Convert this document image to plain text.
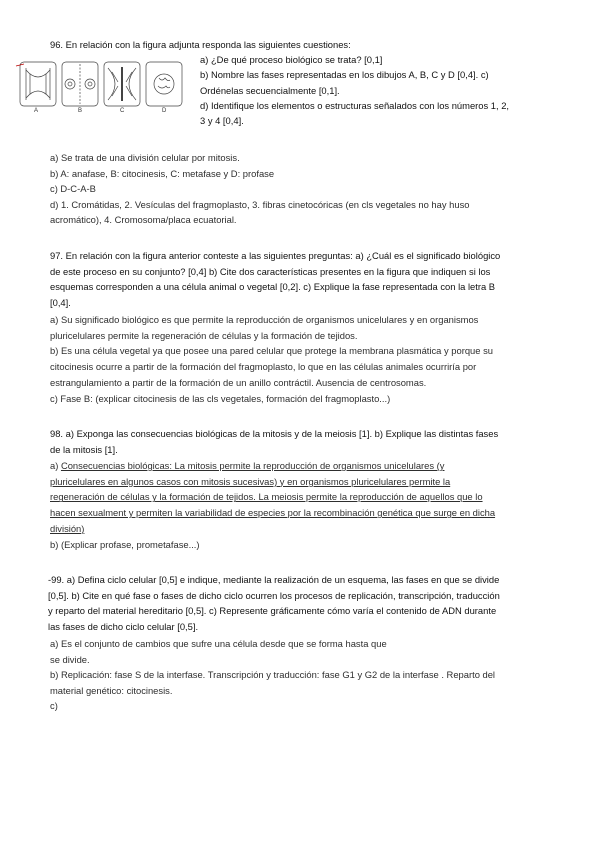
96. En relación con la figura adjunta responda las siguientes cuestiones:
A	B	C	D
a) ¿De qué proceso biológico se trata? [0,1]
b) Nombre las fases representadas en los dibujos A, B, C y D [0,4]. c)
Ordénelas secuencialmente [0,1].
d) Identifique los elementos o estructuras señalados con los números 1, 2,
3 y 4 [0,4].
a) Se trata de una división celular por mitosis.
b) A: anafase, B: citocinesis, C: metafase y D: profase
c) D-C-A-B
d) 1. Cromátidas, 2. Vesículas del fragmoplasto, 3. fibras cinetocóricas (en cls vegetales no hay huso
acromático), 4. Cromosoma/placa ecuatorial.
97. En relación con la figura anterior conteste a las siguientes preguntas: a) ¿Cuál es el significado biológico
de este proceso en su conjunto? [0,4] b) Cite dos características presentes en la figura que indiquen si los
esquemas corresponden a una célula animal o vegetal [0,2]. c) Explique la fase representada con la letra B
[0,4].
a) Su significado biológico es que permite la reproducción de organismos unicelulares y en organismos
pluricelulares permite la regeneración de células y la formación de tejidos.
b) Es una célula vegetal ya que posee una pared celular que protege la membrana plasmática y porque su
citocinesis ocurre a partir de la formación del fragmoplasto, lo que en las células animales ocurriría por
estrangulamiento a partir de la formación de un anillo contráctil. Ausencia de centrosomas.
c) Fase B: (explicar citocinesis de las cls vegetales, formación del fragmoplasto...)
98. a) Exponga las consecuencias biológicas de la mitosis y de la meiosis [1]. b) Explique las distintas fases
de la mitosis [1].
a) Consecuencias biológicas: La mitosis permite la reproducción de organismos unicelulares (y
pluricelulares en algunos casos con mitosis sucesivas) y en organismos pluricelulares permite la
regeneración de células y la formación de tejidos. La meiosis permite la reproducción de aquellos que lo
hacen sexualment y permiten la variabilidad de especies por la recombinación genética que surge en dicha
división)
b) (Explicar profase, prometafase...)
-99. a) Defina ciclo celular [0,5] e indique, mediante la realización de un esquema, las fases en que se divide
[0,5]. b) Cite en qué fase o fases de dicho ciclo ocurren los procesos de replicación, transcripción, traducción
y reparto del material hereditario [0,5]. c) Represente gráficamente cómo varía el contenido de ADN durante
las fases de dicho ciclo celular [0,5].
a) Es el conjunto de cambios que sufre una célula desde que se forma hasta que
se divide.
b) Replicación: fase S de la interfase. Transcripción y traducción: fase G1 y G2 de la interfase . Reparto del
material genético: citocinesis.
c)
